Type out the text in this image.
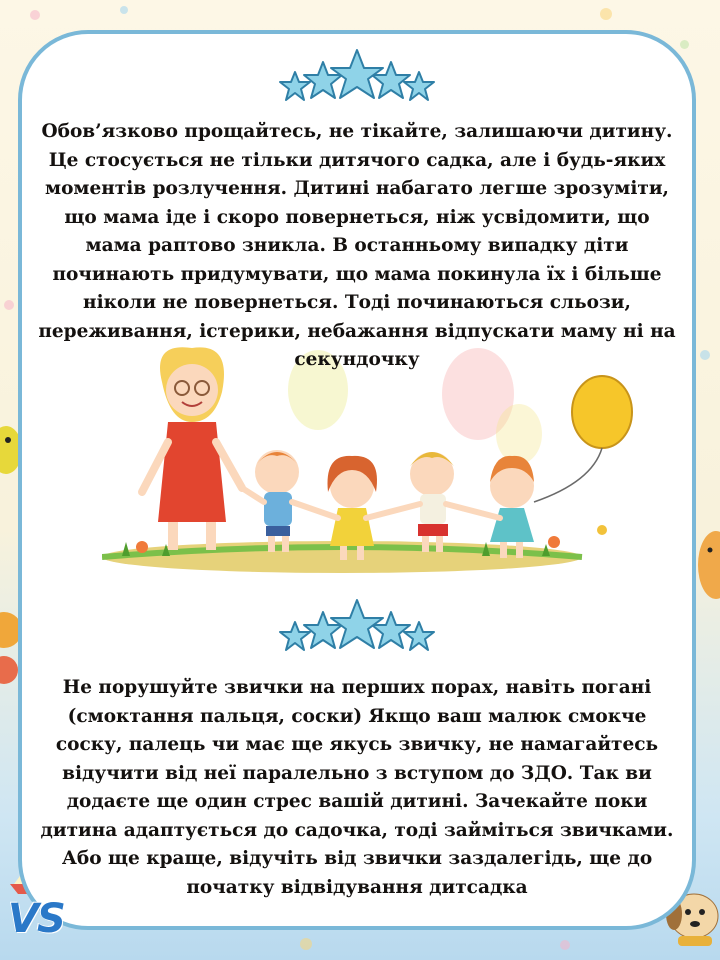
Обов’язково прощайтесь, не тікайте, залишаючи дитину. Це стосується не тільки дитячого садка, але і будь-яких моментів розлучення. Дитині набагато легше зрозуміти, що мама іде і скоро повернеться, ніж усвідомити, що мама раптово зникла. В останньому випадку діти починають придумувати, що мама покинула їх і більше ніколи не повернеться. Тоді починаються сльози, переживання, істерики, небажання відпускати маму ні на секундочку

Не порушуйте звички на перших порах, навіть погані (смоктання пальця, соски) Якщо ваш малюк смокче соску, палець чи має ще якусь звичку, не намагайтесь відучити від неї паралельно з вступом до ЗДО. Так ви додаєте ще один стрес вашій дитині. Зачекайте поки дитина адаптується до садочка, тоді займіться звичками. Або ще краще, відучіть від звички заздалегідь, ще до початку відвідування дитсадка

VS
